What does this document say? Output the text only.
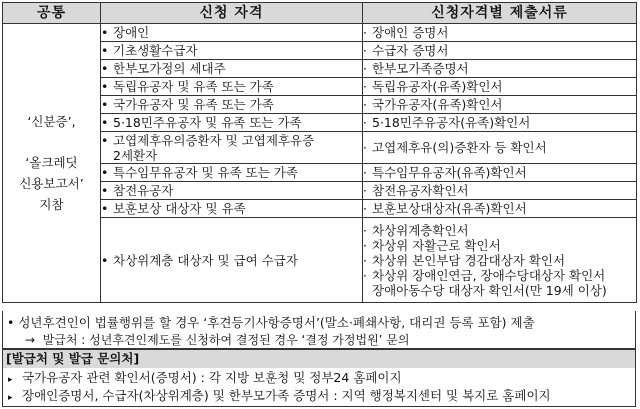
공통	신청 자격	신청자격별 제출서류

‘신분증’,
‘올크레딧
신용보고서’
지참	• 장애인	· 장애인 증명서
	• 기초생활수급자	· 수급자 증명서
	• 한부모가정의 세대주	· 한부모가족증명서
	• 독립유공자 및 유족 또는 가족	· 독립유공자(유족)확인서
	• 국가유공자 및 유족 또는 가족	· 국가유공자(유족)확인서
	• 5·18민주유공자 및 유족 또는 가족	· 5·18민주유공자(유족)확인서
	• 고엽제후유의증환자 및 고엽제후유증
2세환자	· 고엽제후유(의)증환자 등 확인서
	• 특수임무유공자 및 유족 또는 가족	· 특수임무유공자(유족)확인서
	• 참전유공자	· 참전유공자확인서
	• 보훈보상 대상자 및 유족	· 보훈보상대상자(유족)확인서
	• 차상위계층 대상자 및 급여 수급자	· 차상위계층확인서
· 차상위 자활근로 확인서
· 차상위 본인부담 경감대상자 확인서
· 차상위 장애인연금, 장애수당대상자 확인서
장애아동수당 대상자 확인서(만 19세 이상)
• 성년후견인이 법률행위를 할 경우 ‘후견등기사항증명서’(말소·폐쇄사항, 대리권 등록 포함) 제출
→ 발급처 : 성년후견인제도를 신청하여 결정된 경우 ‘결정 가정법원’ 문의
[발급처 및 발급 문의처]
▸ 국가유공자 관련 확인서(증명서) : 각 지방 보훈청 및 정부24 홈페이지
▸ 장애인증명서, 수급자(차상위계층) 및 한부모가족 증명서 : 지역 행정복지센터 및 복지로 홈페이지
